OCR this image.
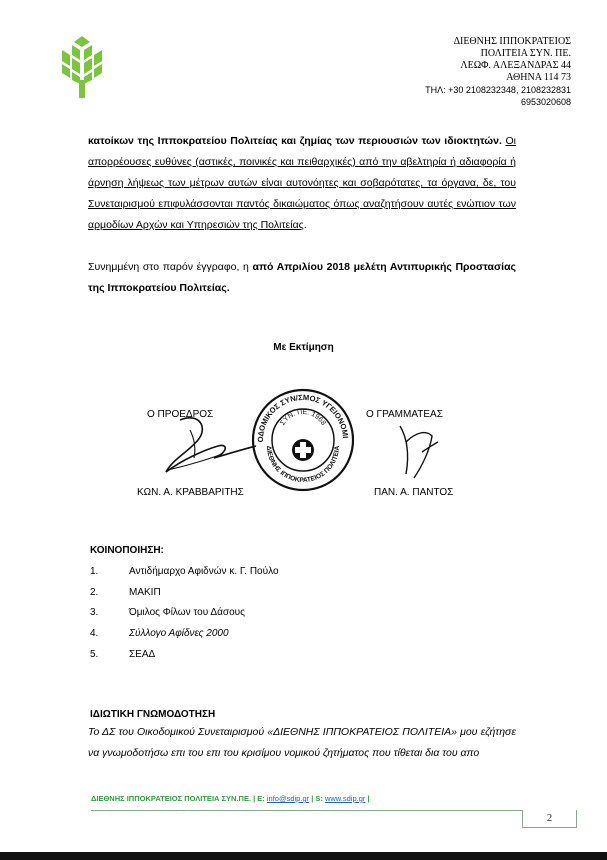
ΔΙΕΘΝΗΣ ΙΠΠΟΚΡΑΤΕΙΟΣ
ΠΟΛΙΤΕΙΑ ΣΥΝ. ΠΕ.
ΛΕΩΦ. ΑΛΕΞΑΝΔΡΑΣ 44
ΑΘΗΝΑ 114 73
ΤΗΛ: +30 2108232348, 2108232831
6953020608

κατοίκων της Ιπποκρατείου Πολιτείας και ζημίας των περιουσιών των ιδιοκτητών. Οι απορρέουσες ευθύνες (αστικές, ποινικές και πειθαρχικές) από την αβελτηρία ή αδιαφορία ή άρνηση λήψεως των μέτρων αυτών είναι αυτονόητες και σοβαρότατες, τα όργανα, δε, του Συνεταιρισμού επιφυλάσσονται παντός δικαιώματος όπως αναζητήσουν αυτές ενώπιον των αρμοδίων Αρχών και Υπηρεσιών της Πολιτείας.

Συνημμένη στο παρόν έγγραφο, η από Απριλίου 2018 μελέτη Αντιπυρικής Προστασίας της Ιπποκρατείου Πολιτείας.

Με Εκτίμηση
Ο ΠΡΟΕΔΡΟΣ	Ο ΓΡΑΜΜΑΤΕΑΣ
ΟΔΟΜΙΚΟΣ ΣΥΝ/ΣΜΟΣ ΥΓΕΙΟΝΟΜΙ
ΔΙΕΘΝΗΣ ΙΠΠΟΚΡΑΤΕΙΟΣ ΠΟΛΙΤΕΙΑ
ΣΥΝ. ΠΕ. 1968
ΚΩΝ. Α. ΚΡΑΒΒΑΡΙΤΗΣ	ΠΑΝ. Α. ΠΑΝΤΟΣ
ΚΟΙΝΟΠΟΙΗΣΗ:
1.	Αντιδήμαρχο Αφιδνών κ. Γ. Πούλο
2.	ΜΑΚΙΠ
3.	Όμιλος Φίλων του Δάσους
4.	Σύλλογο Αφίδνες 2000
5.	ΣΕΑΔ
ΙΔΙΩΤΙΚΗ ΓΝΩΜΟΔΟΤΗΣΗ

Το ΔΣ του Οικοδομικού Συνεταιρισμού «ΔΙΕΘΝΗΣ ΙΠΠΟΚΡΑΤΕΙΟΣ ΠΟΛΙΤΕΙΑ» μου εζήτησε να γνωμοδοτήσω επι του επι του κρισίμου νομικού ζητήματος που τίθεται δια του απο

ΔΙΕΘΝΗΣ ΙΠΠΟΚΡΑΤΕΙΟΣ ΠΟΛΙΤΕΙΑ ΣΥΝ.ΠΕ. | E: info@sdip.gr | S: www.sdip.gr |
2
